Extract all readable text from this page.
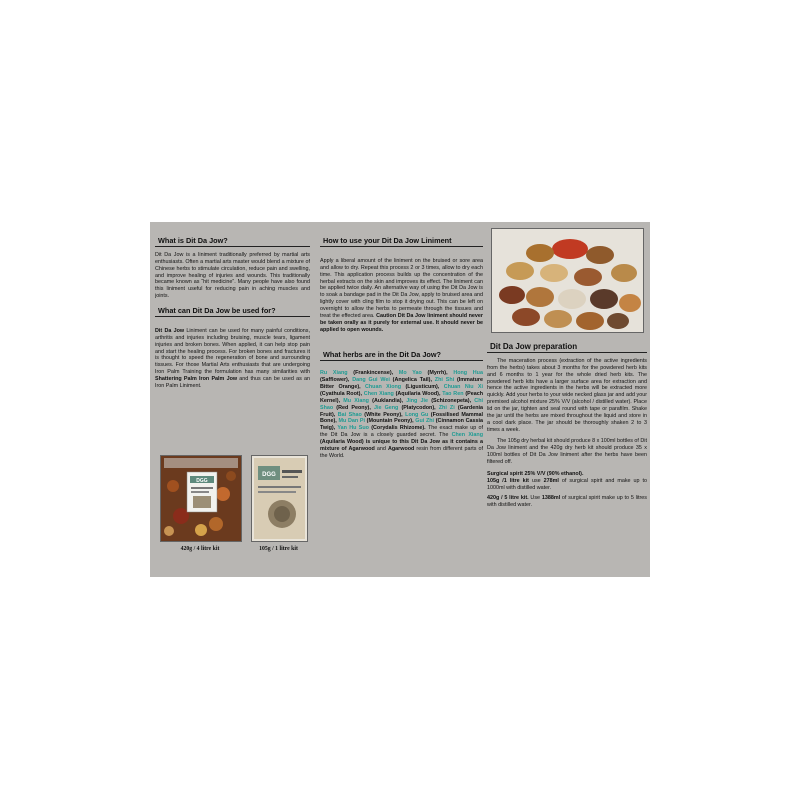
What is Dit Da Jow?

Dit Da Jow is a liniment traditionally preferred by martial arts enthusiasts. Often a martial arts master would blend a mixture of Chinese herbs to stimulate circulation, reduce pain and swelling, and improve healing of injuries and wounds. This traditionally became known as “hit medicine”. Many people have also found this liniment useful for reducing pain in aching muscles and joints.

What can Dit Da Jow be used for?

Dit Da Jow Liniment can be used for many painful conditions, arthritis and injuries including bruising, muscle tears, ligament injuries and broken bones. When applied, it can help stop pain and start the healing process. For broken bones and fractures it is thought to speed the regeneration of bone and surrounding tissues. For those Martial Arts enthusiasts that are undergoing Iron Palm Training the formulation has many similarities with Shattering Palm Iron Palm Jow and thus can be used as an Iron Palm Liniment.

DGG
420g / 4 litre kit
DGG
105g / 1 litre kit
How to use your Dit Da Jow Liniment

Apply a liberal amount of the liniment on the bruised or sore area and allow to dry. Repeat this process 2 or 3 times, allow to dry each time. This application process builds up the concentration of the herbal extracts on the skin and improves its effect. The liniment can be applied twice daily. An alternative way of using the Dit Da Jow is to soak a bandage pad in the Dit Da Jow, apply to bruised area and lightly cover with cling film to stop it drying out. This can be left on overnight to allow the herbs to permeate through the tissues and treat the effected area. Caution Dit Da Jow liniment should never be taken orally as it purely for external use. It should never be applied to open wounds.

What herbs are in the Dit Da Jow?

Ru Xiang (Frankincense), Mo Yao (Myrrh), Hong Hua (Safflower), Dang Gui Wei (Angelica Tail), Zhi Shi (Immature Bitter Orange), Chuan Xiong (Ligusticum), Chuan Niu Xi (Cyathula Root), Chen Xiang (Aquilaria Wood), Tao Ren (Peach Kernel), Mu Xiang (Auklandia), Jing Jie (Schizonepeta), Chi Shao (Red Peony), Jie Geng (Platycodon), Zhi Zi (Gardenia Fruit), Bai Shao (White Peony), Long Gu (Fossilised Mammal Bone), Mu Dan Pi (Mountain Peony), Gui Zhi (Cinnamon Cassia Twig), Yan Hu Suo (Corydalis Rhizome). The exact make up of the Dit Da Jow is a closely guarded secret. The Chen Xiang (Aquilaria Wood) is unique to this Dit Da Jow as it contains a mixture of Agarwood and Agarwood resin from different parts of the World.

Dit Da Jow preparation

The maceration process (extraction of the active ingredients from the herbs) takes about 3 months for the powdered herb kits and 6 months to 1 year for the whole dried herb kits. The powdered herb kits have a larger surface area for extraction and hence the active ingredients in the herbs will be extracted more quickly. Add your herbs to your wide necked glass jar and add your premixed alcohol mixture 25% V/V (alcohol / distilled water). Place lid on the jar, tighten and seal round with tape or parafilm. Shake the jar until the herbs are mixed throughout the liquid and store in a cool dark place. The jar should be thoroughly shaken 2 to 3 times a week.

The 105g dry herbal kit should produce 8 x 100ml bottles of Dit Da Jow liniment and the 420g dry herb kit should produce 35 x 100ml bottles of Dit Da Jow liniment after the herbs have been filtered off.

Surgical spirit 25% V/V (90% ethanol).

105g /1 litre kit use 278ml of surgical spirit and make up to 1000ml with distilled water.

420g / 5 litre kit. Use 1388ml of surgical spirit make up to 5 litres with distilled water.
